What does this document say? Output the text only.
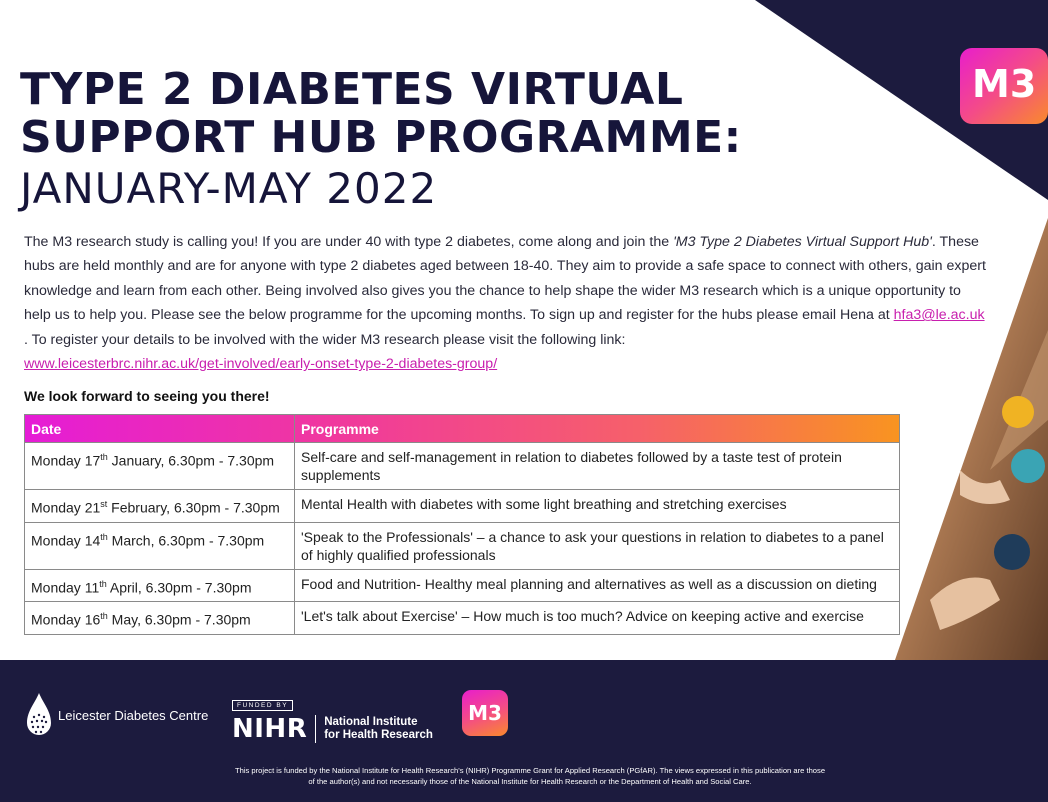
M3
TYPE 2 DIABETES VIRTUAL
SUPPORT HUB PROGRAMME:
JANUARY-MAY 2022
The M3 research study is calling you! If you are under 40 with type 2 diabetes, come along and join the 'M3 Type 2 Diabetes Virtual Support Hub'. These hubs are held monthly and are for anyone with type 2 diabetes aged between 18-40. They aim to provide a safe space to connect with others, gain expert knowledge and learn from each other. Being involved also gives you the chance to help shape the wider M3 research which is a unique opportunity to help us to help you. Please see the below programme for the upcoming months. To sign up and register for the hubs please email Hena at hfa3@le.ac.uk . To register your details to be involved with the wider M3 research please visit the following link:
www.leicesterbrc.nihr.ac.uk/get-involved/early-onset-type-2-diabetes-group/
We look forward to seeing you there!
Date	Programme
Monday 17th January, 6.30pm - 7.30pm	Self-care and self-management in relation to diabetes followed by a taste test of protein supplements
Monday 21st February, 6.30pm - 7.30pm	Mental Health with diabetes with some light breathing and stretching exercises
Monday 14th March, 6.30pm - 7.30pm	'Speak to the Professionals' – a chance to ask your questions in relation to diabetes to a panel of highly qualified professionals
Monday 11th April, 6.30pm - 7.30pm	Food and Nutrition- Healthy meal planning and alternatives as well as a discussion on dieting
Monday 16th May, 6.30pm - 7.30pm	'Let's talk about Exercise' – How much is too much? Advice on keeping active and exercise
Leicester Diabetes Centre
FUNDED BY
NIHR National Institute
for Health Research
M3
This project is funded by the National Institute for Health Research's (NIHR) Programme Grant for Applied Research (PGfAR). The views expressed in this publication are those
of the author(s) and not necessarily those of the National Institute for Health Research or the Department of Health and Social Care.
